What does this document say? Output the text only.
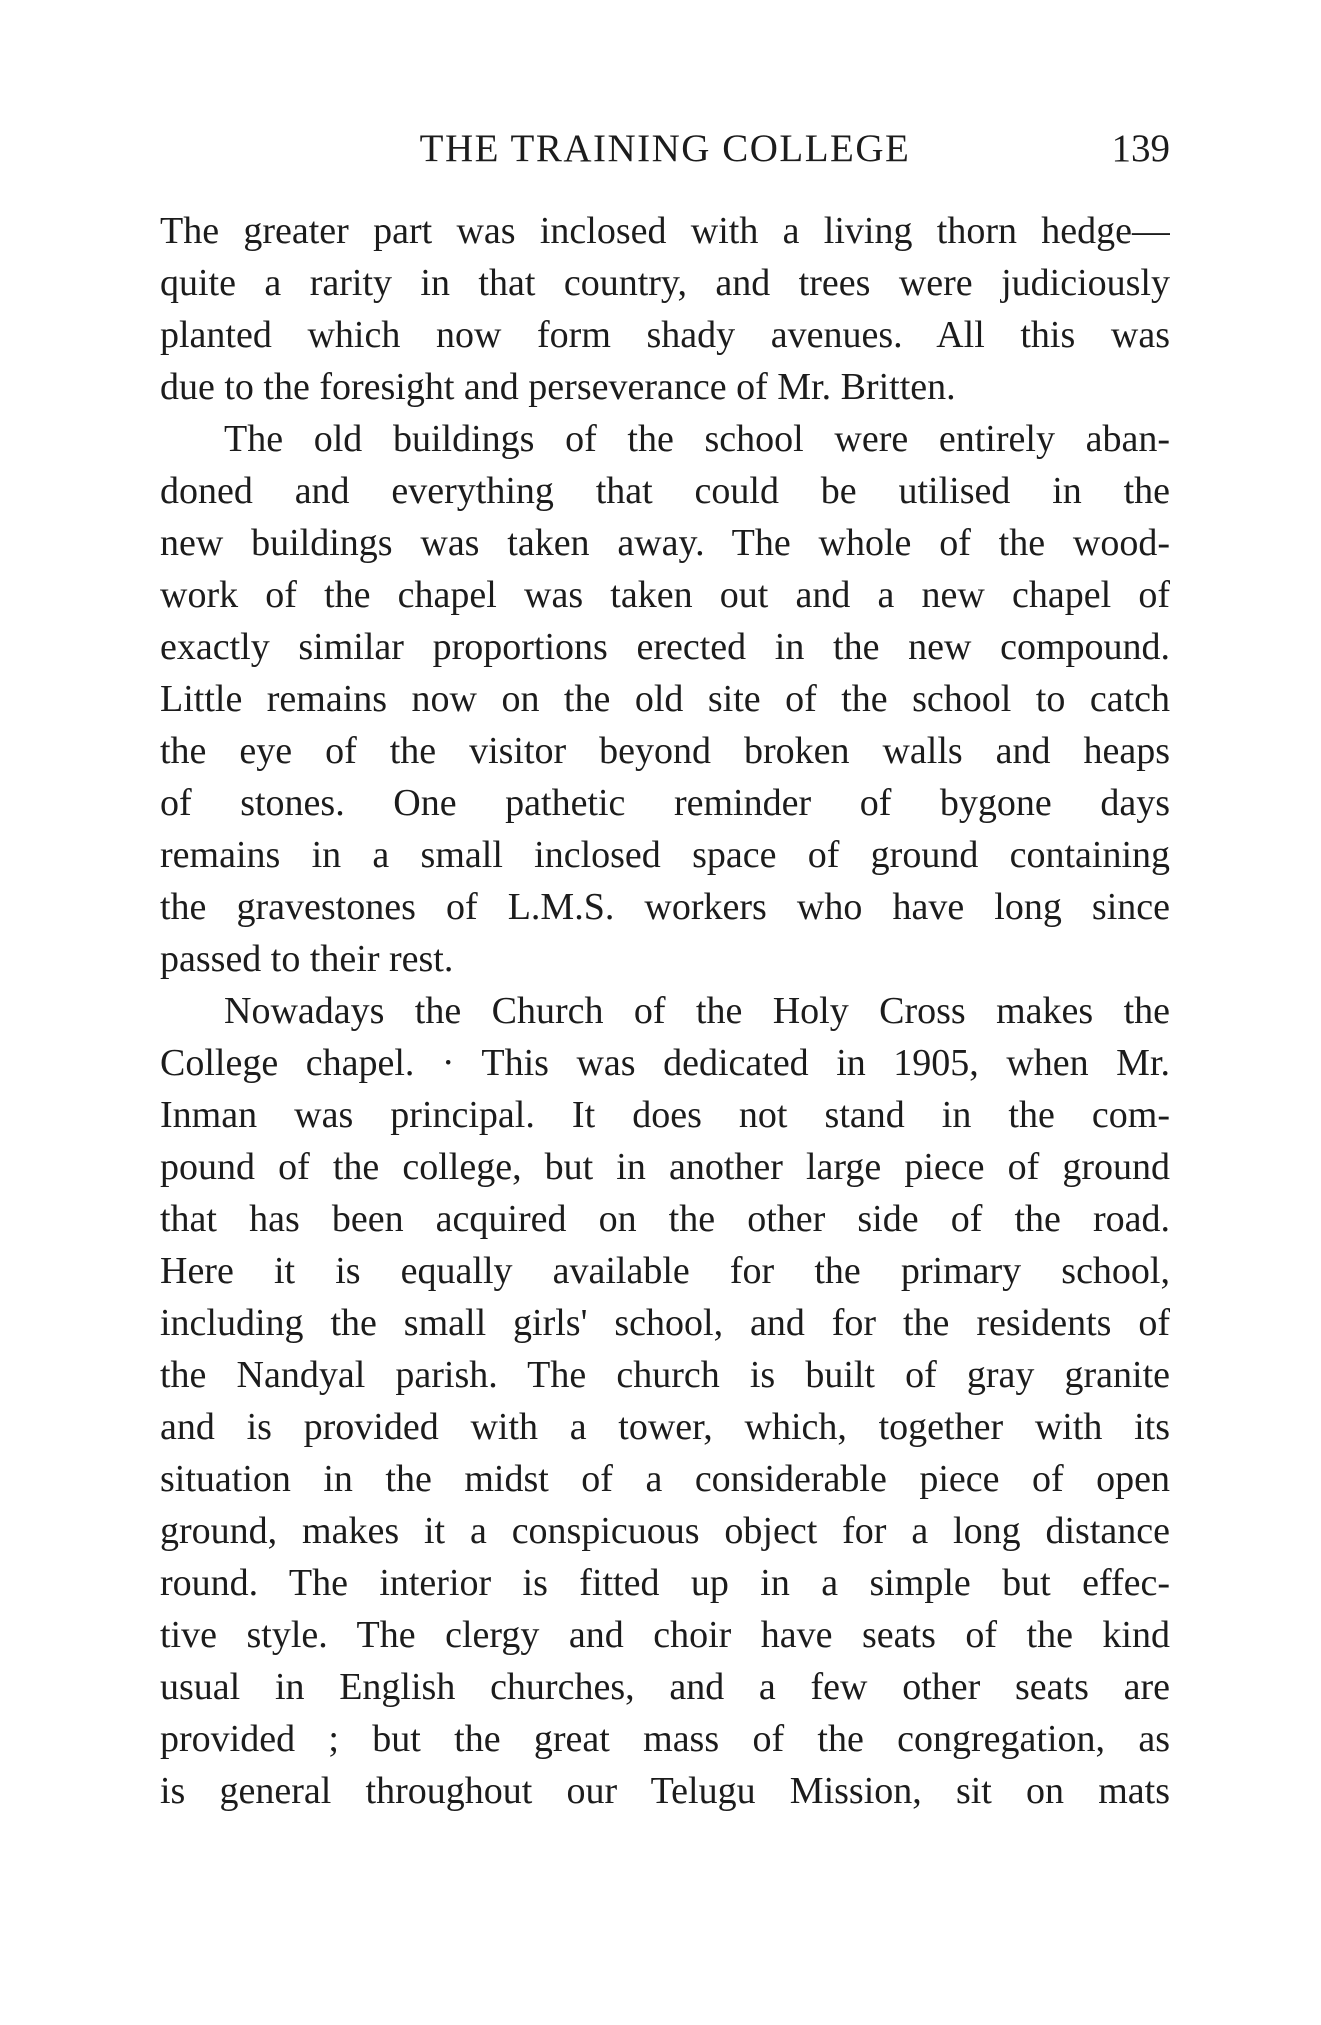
THE TRAINING COLLEGE	139
The greater part was inclosed with a living thorn hedge—
quite a rarity in that country, and trees were judiciously
planted which now form shady avenues. All this was
due to the foresight and perseverance of Mr. Britten.
The old buildings of the school were entirely aban-
doned and everything that could be utilised in the
new buildings was taken away. The whole of the wood-
work of the chapel was taken out and a new chapel of
exactly similar proportions erected in the new compound.
Little remains now on the old site of the school to catch
the eye of the visitor beyond broken walls and heaps
of stones. One pathetic reminder of bygone days
remains in a small inclosed space of ground containing
the gravestones of L.M.S. workers who have long since
passed to their rest.
Nowadays the Church of the Holy Cross makes the
College chapel. · This was dedicated in 1905, when Mr.
Inman was principal. It does not stand in the com-
pound of the college, but in another large piece of ground
that has been acquired on the other side of the road.
Here it is equally available for the primary school,
including the small girls' school, and for the residents of
the Nandyal parish. The church is built of gray granite
and is provided with a tower, which, together with its
situation in the midst of a considerable piece of open
ground, makes it a conspicuous object for a long distance
round. The interior is fitted up in a simple but effec-
tive style. The clergy and choir have seats of the kind
usual in English churches, and a few other seats are
provided ; but the great mass of the congregation, as
is general throughout our Telugu Mission, sit on mats
